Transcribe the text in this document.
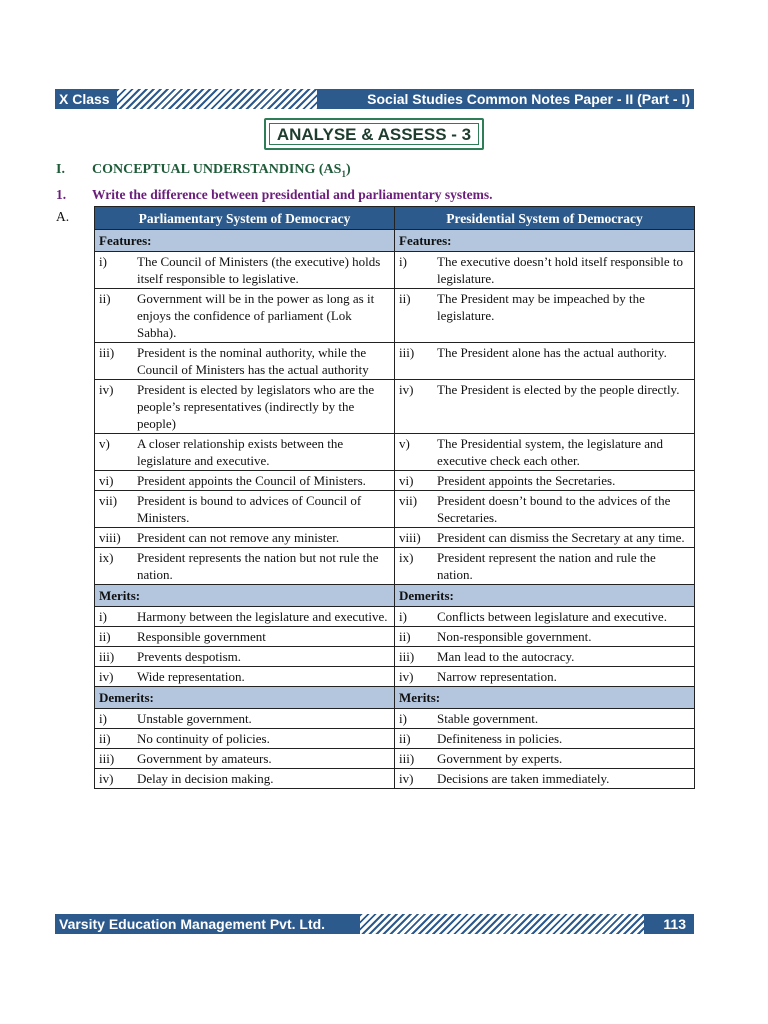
X Class	Social Studies Common Notes Paper - II (Part - I)
ANALYSE & ASSESS - 3
I. CONCEPTUAL UNDERSTANDING $(AS_1)$
1. Write the difference between presidential and parliamentary systems.
A.	Parliamentary System of Democracy	Presidential System of Democracy
Features:	Features:

i) The Council of Ministers (the executive) holds itself responsible to legislative.	i) The executive doesn’t hold itself responsible to legislature.

ii) Government will be in the power as long as it enjoys the confidence of parliament (Lok Sabha).	ii) The President may be impeached by the legislature.

iii) President is the nominal authority, while the Council of Ministers has the actual authority	iii) The President alone has the actual authority.

iv) President is elected by legislators who are the people’s representatives (indirectly by the people)	iv) The President is elected by the people directly.

v) A closer relationship exists between the legislature and executive.	v) The Presidential system, the legislature and executive check each other.

vi) President appoints the Council of Ministers.	vi) President appoints the Secretaries.

vii) President is bound to advices of Council of Ministers.	vii) President doesn’t bound to the advices of the Secretaries.

viii) President can not remove any minister.	viii) President can dismiss the Secretary at any time.

ix) President represents the nation but not rule the nation.	ix) President represent the nation and rule the nation.

Merits:	Demerits:

i) Harmony between the legislature and executive.	i) Conflicts between legislature and executive.

ii) Responsible government	ii) Non-responsible government.

iii) Prevents despotism.	iii) Man lead to the autocracy.

iv) Wide representation.	iv) Narrow representation.

Demerits:	Merits:

i) Unstable government.	i) Stable government.

ii) No continuity of policies.	ii) Definiteness in policies.

iii) Government by amateurs.	iii) Government by experts.

iv) Delay in decision making.	iv) Decisions are taken immediately.
Varsity Education Management Pvt. Ltd.	113
